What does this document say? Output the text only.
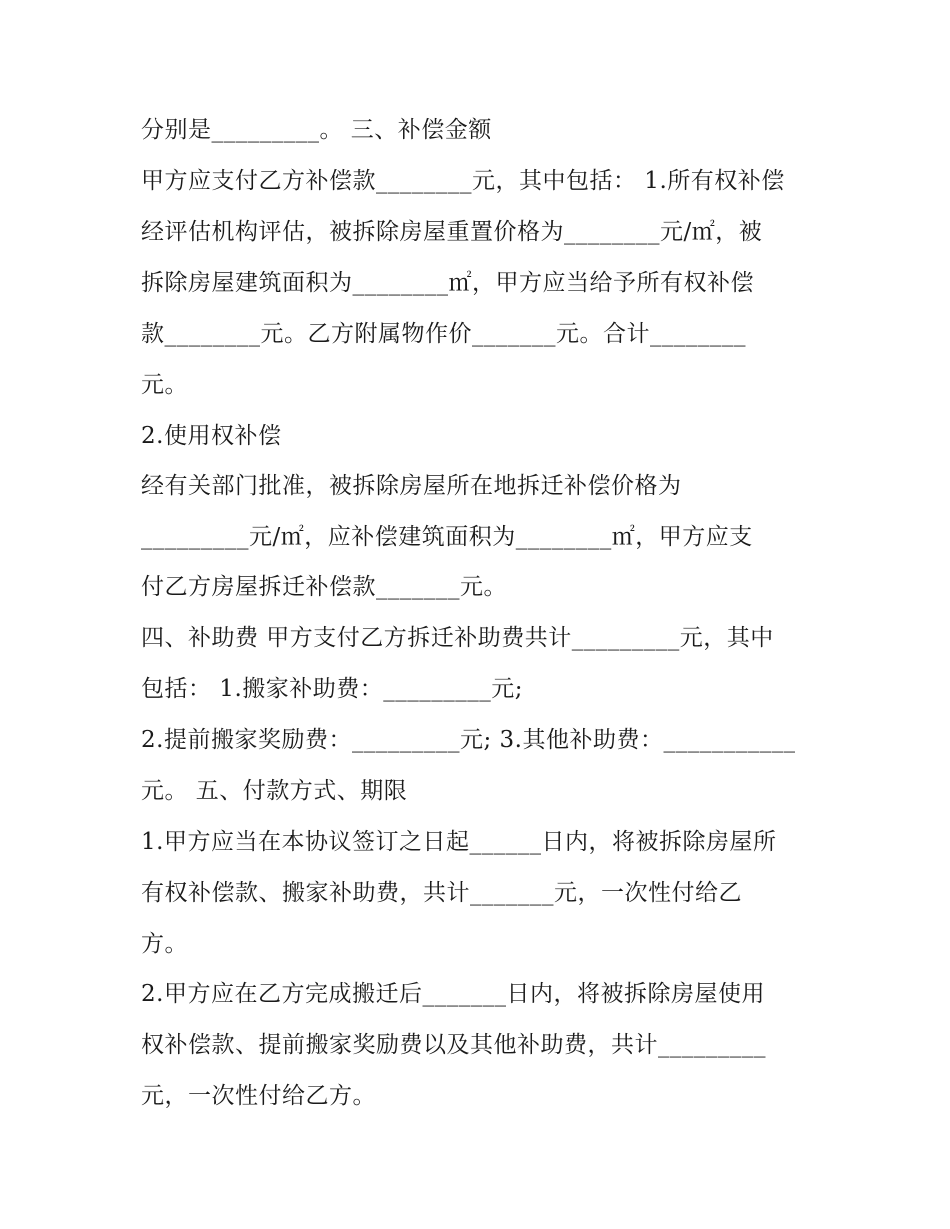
分别是_________。 三、补偿金额
甲方应支付乙方补偿款________元，其中包括： 1.所有权补偿
经评估机构评估，被拆除房屋重置价格为________元/㎡，被
拆除房屋建筑面积为________㎡，甲方应当给予所有权补偿
款________元。乙方附属物作价_______元。合计________
元。
2.使用权补偿
经有关部门批准，被拆除房屋所在地拆迁补偿价格为
_________元/㎡，应补偿建筑面积为________㎡，甲方应支
付乙方房屋拆迁补偿款_______元。
四、补助费 甲方支付乙方拆迁补助费共计_________元，其中
包括： 1.搬家补助费：_________元;
2.提前搬家奖励费：_________元; 3.其他补助费：___________
元。 五、付款方式、期限
1.甲方应当在本协议签订之日起______日内，将被拆除房屋所
有权补偿款、搬家补助费，共计_______元，一次性付给乙
方。
2.甲方应在乙方完成搬迁后_______日内，将被拆除房屋使用
权补偿款、提前搬家奖励费以及其他补助费，共计_________
元，一次性付给乙方。
